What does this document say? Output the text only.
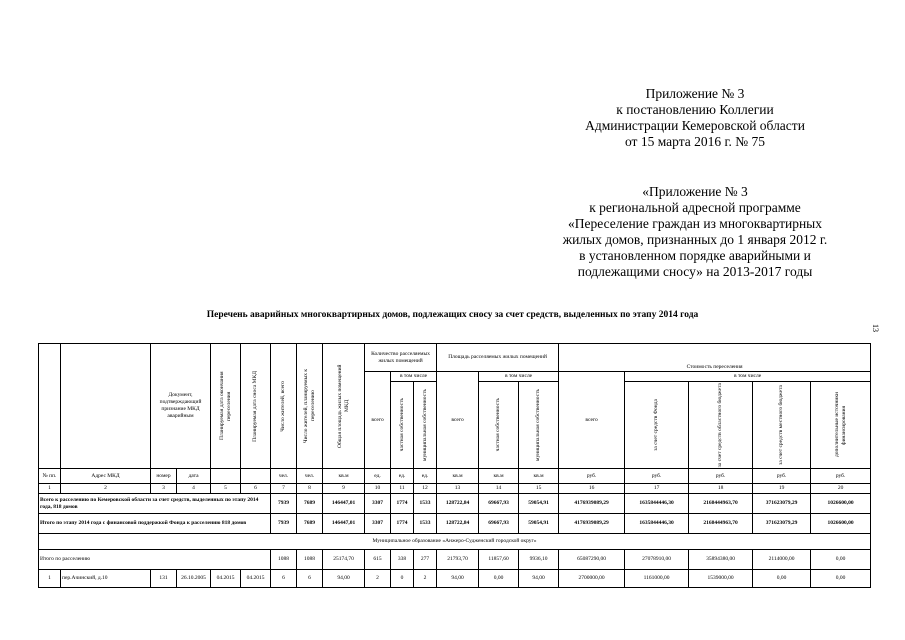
Приложение № 3
к постановлению Коллегии
Администрации Кемеровской области
от 15 марта 2016 г. № 75
«Приложение № 3
к региональной адресной программе
«Переселение граждан из многоквартирных
жилых домов, признанных до 1 января 2012 г.
в установленном порядке аварийными и
подлежащими сносу» на 2013-2017 годы
Перечень аварийных многоквартирных домов, подлежащих сносу за счет средств, выделенных по этапу 2014 года
13
		Документ, подтверждающий признание МКД аварийным		Планируемая дата окончания переселения	Планируемая дата сноса МКД	Число жителей, всего	Число жителей, планируемых к переселению	Общая площадь жилых помещений МКД	Количество расселяемых жилых помещений			Площадь расселяемых жилых помещений			Стоимость переселения				

									всего	в том числе		всего	в том числе		всего	в том числе			

										частная собственность	муниципальная собственность		частная собственность	муниципальная собственность		за счет средств Фонда	за счет средств областного бюджета	за счет средств местного бюджета	дополнительные источники финансирования

№ пп.	Адрес МКД	номер	дата			чел.	чел.	кв.м	ед.	ед.	ед.	кв.м	кв.м	кв.м	руб.	руб.	руб.	руб.	руб.
1	2	3	4	5	6	7	8	9	10	11	12	13	14	15	16	17	18	19	20
Всего к расселению по Кемеровской области за счет средств, выделенных по этапу 2014 года, 818 домов						7939	7689	146447,01	3307	1774	1533	128722,84	69667,93	59054,91	4176939089,29	1635844446,30	2168444963,70	371623079,29	1026600,00
Итого по этапу 2014 года с финансовой поддержкой Фонда к расселению 818 домов						7939	7689	146447,01	3307	1774	1533	128722,84	69667,93	59054,91	4176939089,29	1635844446,30	2168444963,70	371623079,29	1026600,00
Муниципальное образование «Анжеро-Судженский городской округ»																			
Итого по расселению						1088	1088	25174,70	615	338	277	21793,70	11857,60	9936,10	65087290,00	27078910,00	35894380,00	2114000,00	0,00
1	пер.Ачинский, д.10	131	26.10.2005	04.2015	04.2015	6	6	94,00	2	0	2	94,00	0,00	94,00	2700000,00	1161000,00	1539000,00	0,00	0,00
